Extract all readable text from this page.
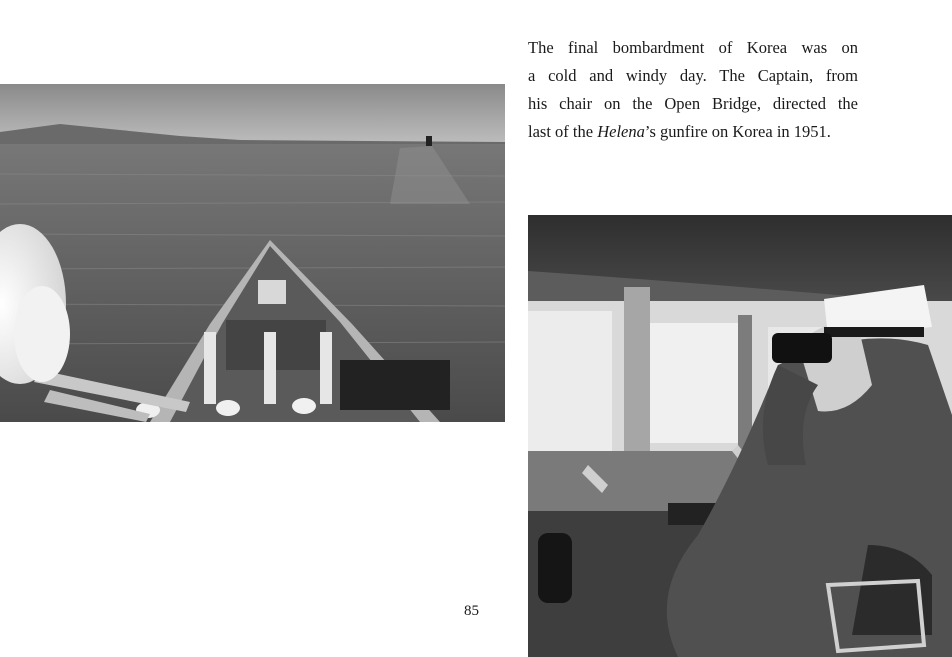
The final bombardment of Korea was on
a cold and windy day. The Captain, from
his chair on the Open Bridge, directed the
last of the Helena’s gunfire on Korea in 1951.
85
